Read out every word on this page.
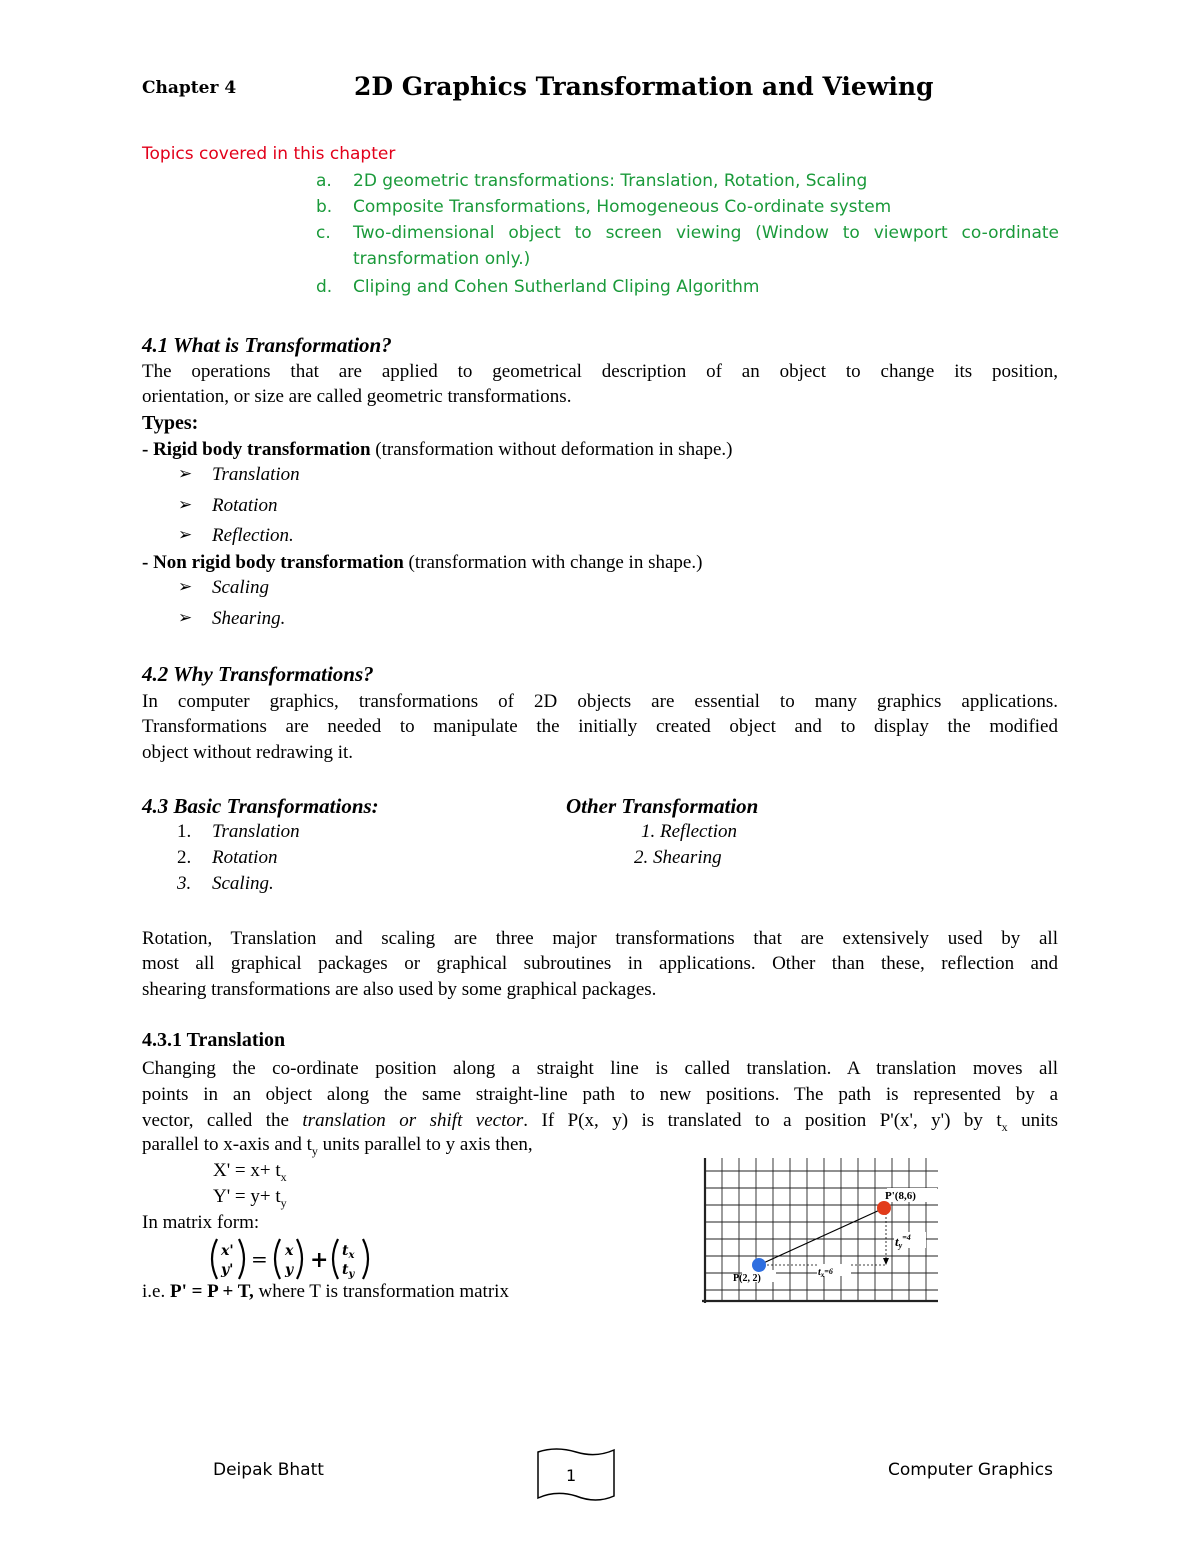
Chapter 4	2D Graphics Transformation and Viewing
Topics covered in this chapter
a. 2D geometric transformations: Translation, Rotation, Scaling
b. Composite Transformations, Homogeneous Co-ordinate system
c. Two-dimensional object to screen viewing (Window to viewport co-ordinate
transformation only.)
d. Cliping and Cohen Sutherland Cliping Algorithm
4.1 What is Transformation?
The operations that are applied to geometrical description of an object to change its position,
orientation, or size are called geometric transformations.
Types:
- Rigid body transformation (transformation without deformation in shape.)
➢ Translation
➢ Rotation
➢ Reflection.
- Non rigid body transformation (transformation with change in shape.)
➢ Scaling
➢ Shearing.
4.2 Why Transformations?
In computer graphics, transformations of 2D objects are essential to many graphics applications.
Transformations are needed to manipulate the initially created object and to display the modified
object without redrawing it.
4.3 Basic Transformations:	Other Transformation
1. Translation
2. Rotation
3. Scaling.
1. Reflection
2. Shearing
Rotation, Translation and scaling are three major transformations that are extensively used by all
most all graphical packages or graphical subroutines in applications. Other than these, reflection and
shearing transformations are also used by some graphical packages.
4.3.1 Translation
Changing the co-ordinate position along a straight line is called translation. A translation moves all
points in an object along the same straight-line path to new positions. The path is represented by a
vector, called the translation or shift vector. If P(x, y) is translated to a position P'(x', y') by $t_x$ units
parallel to x-axis and $t_y$ units parallel to y axis then,
$X' = x+ t_x$
$Y' = y+ t_y$
In matrix form:
x'
y' = x
$y + t_x$
$t_y$
i.e. P' = P + T, where T is transformation matrix
P(2, 2)
P'(8,6)
$ty^{=4}$
$t_x^{=6}$
Deipak Bhatt	1	Computer Graphics
